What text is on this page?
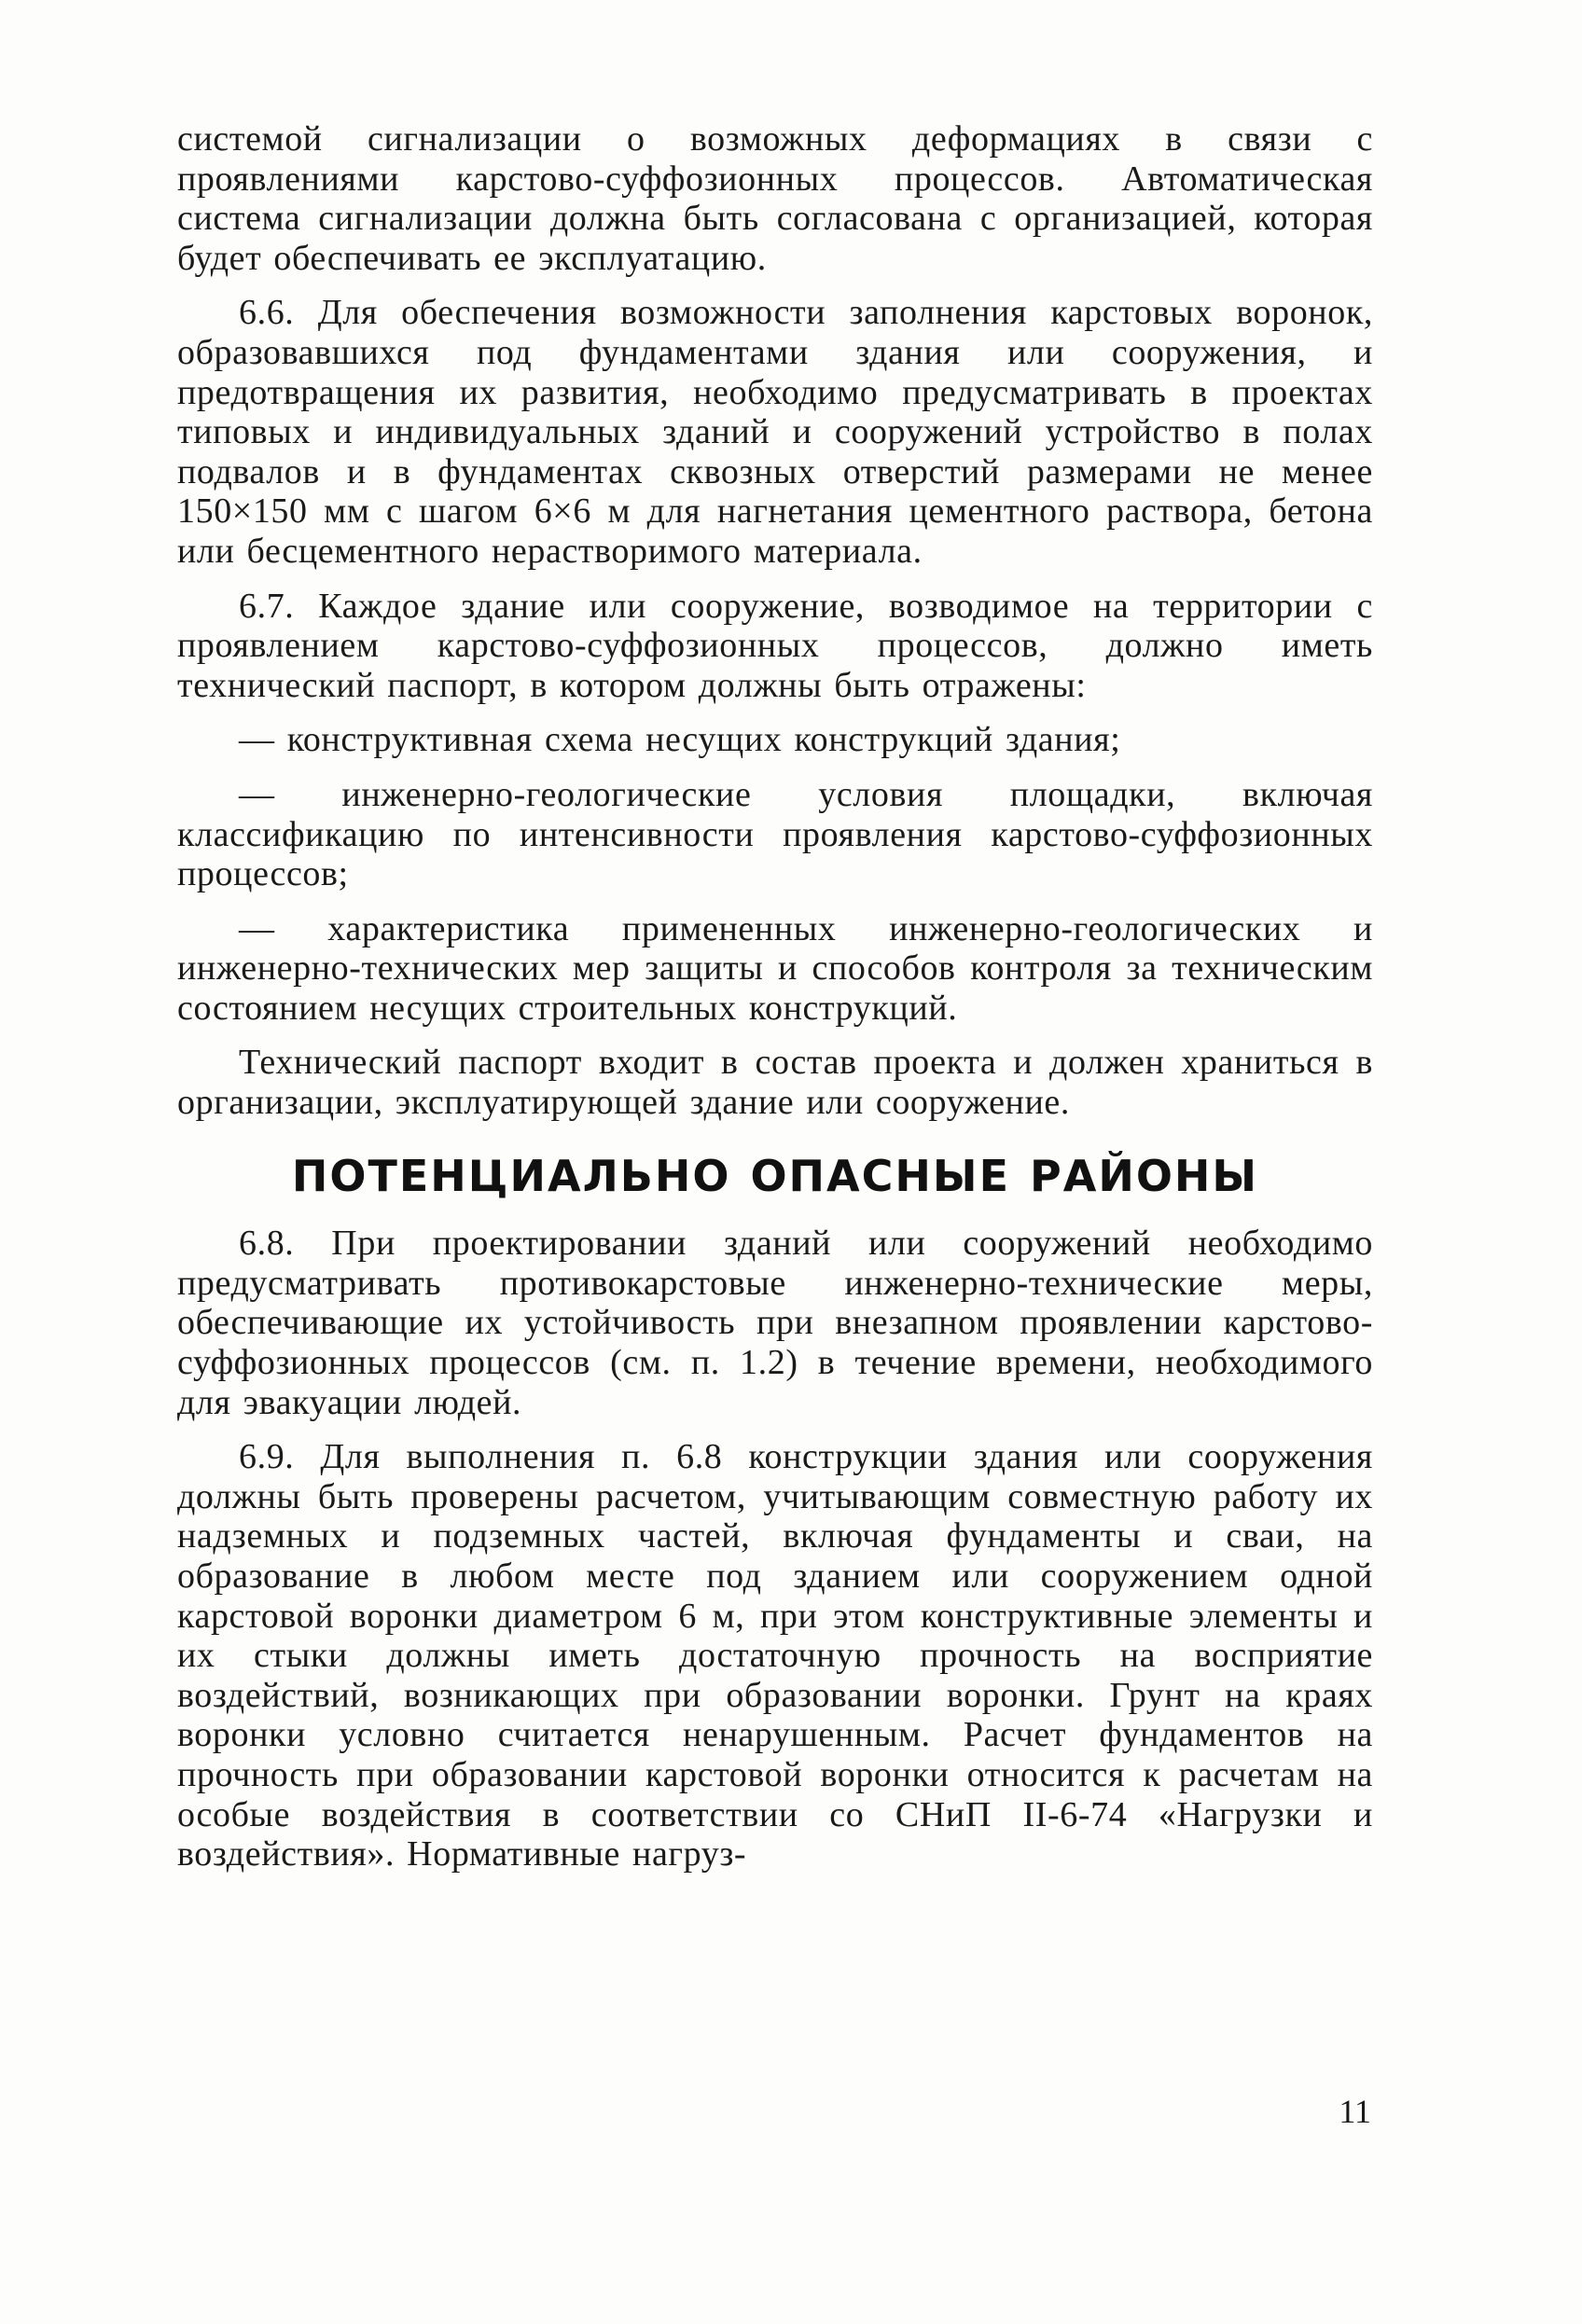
системой сигнализации о возможных деформациях в связи с проявлениями карстово-суффозионных процессов. Автоматическая система сигнализации должна быть согласована с организацией, которая будет обеспечивать ее эксплуатацию.

6.6. Для обеспечения возможности заполнения карстовых воронок, образовавшихся под фундаментами здания или сооружения, и предотвращения их развития, необходимо предусматривать в проектах типовых и индивидуальных зданий и сооружений устройство в полах подвалов и в фундаментах сквозных отверстий размерами не менее 150×150 мм с шагом 6×6 м для нагнетания цементного раствора, бетона или бесцементного нерастворимого материала.

6.7. Каждое здание или сооружение, возводимое на территории с проявлением карстово-суффозионных процессов, должно иметь технический паспорт, в котором должны быть отражены:

— конструктивная схема несущих конструкций здания;

— инженерно-геологические условия площадки, включая классификацию по интенсивности проявления карстово-суффозионных процессов;

— характеристика примененных инженерно-геологических и инженерно-технических мер защиты и способов контроля за техническим состоянием несущих строительных конструкций.

Технический паспорт входит в состав проекта и должен храниться в организации, эксплуатирующей здание или сооружение.

ПОТЕНЦИАЛЬНО ОПАСНЫЕ РАЙОНЫ

6.8. При проектировании зданий или сооружений необходимо предусматривать противокарстовые инженерно-технические меры, обеспечивающие их устойчивость при внезапном проявлении карстово-суффозионных процессов (см. п. 1.2) в течение времени, необходимого для эвакуации людей.

6.9. Для выполнения п. 6.8 конструкции здания или сооружения должны быть проверены расчетом, учитывающим совместную работу их надземных и подземных частей, включая фундаменты и сваи, на образование в любом месте под зданием или сооружением одной карстовой воронки диаметром 6 м, при этом конструктивные элементы и их стыки должны иметь достаточную прочность на восприятие воздействий, возникающих при образовании воронки. Грунт на краях воронки условно считается ненарушенным. Расчет фундаментов на прочность при образовании карстовой воронки относится к расчетам на особые воздействия в соответствии со СНиП II-6-74 «Нагрузки и воздействия». Нормативные нагруз-

11
